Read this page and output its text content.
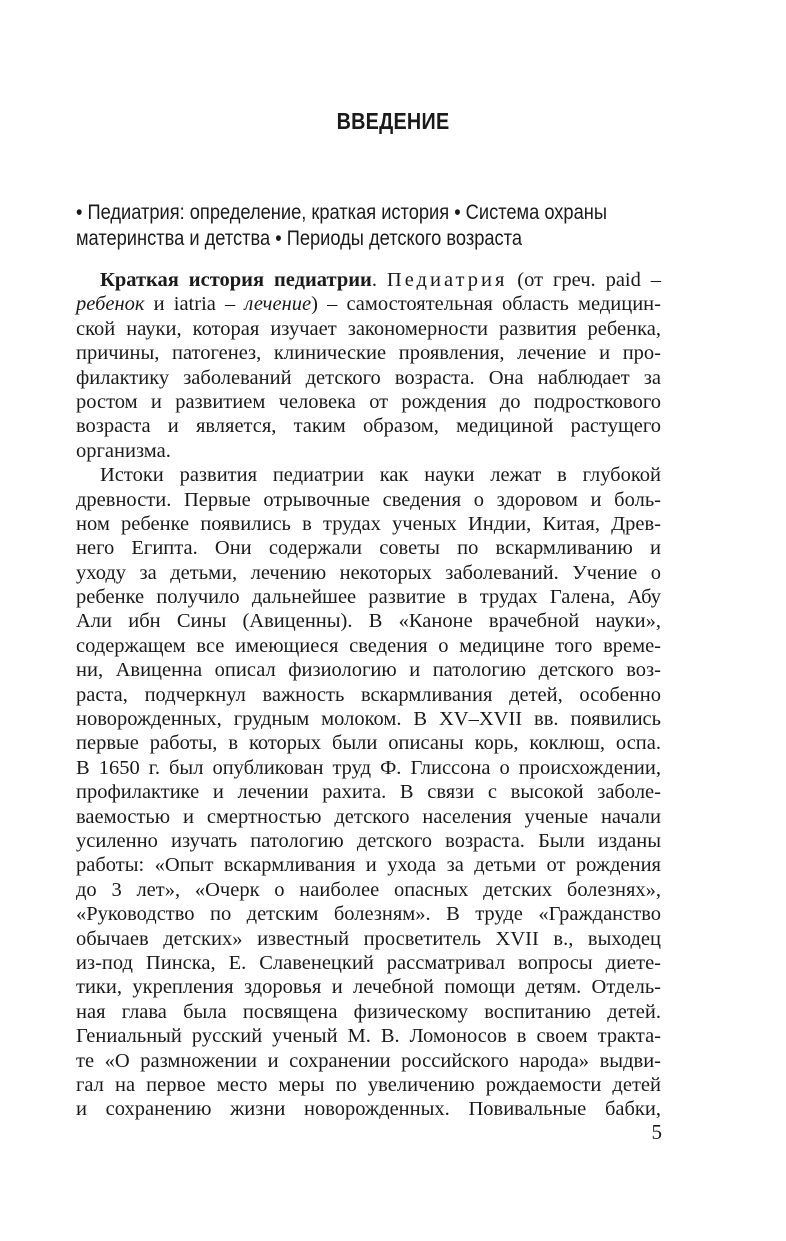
ВВЕДЕНИЕ
• Педиатрия: определение, краткая история • Система охраны
материнства и детства • Периоды детского возраста
Краткая история педиатрии. Педиатрия (от греч. paid –
ребенок и iatria – лечение) – самостоятельная область медицин-
ской науки, которая изучает закономерности развития ребенка,
причины, патогенез, клинические проявления, лечение и про-
филактику заболеваний детского возраста. Она наблюдает за
ростом и развитием человека от рождения до подросткового
возраста и является, таким образом, медициной растущего
организма.
Истоки развития педиатрии как науки лежат в глубокой
древности. Первые отрывочные сведения о здоровом и боль-
ном ребенке появились в трудах ученых Индии, Китая, Древ-
него Египта. Они содержали советы по вскармливанию и
уходу за детьми, лечению некоторых заболеваний. Учение о
ребенке получило дальнейшее развитие в трудах Галена, Абу
Али ибн Сины (Авиценны). В «Каноне врачебной науки»,
содержащем все имеющиеся сведения о медицине того време-
ни, Авиценна описал физиологию и патологию детского воз-
раста, подчеркнул важность вскармливания детей, особенно
новорожденных, грудным молоком. В XV–XVII вв. появились
первые работы, в которых были описаны корь, коклюш, оспа.
В 1650 г. был опубликован труд Ф. Глиссона о происхождении,
профилактике и лечении рахита. В связи с высокой заболе-
ваемостью и смертностью детского населения ученые начали
усиленно изучать патологию детского возраста. Были изданы
работы: «Опыт вскармливания и ухода за детьми от рождения
до 3 лет», «Очерк о наиболее опасных детских болезнях»,
«Руководство по детским болезням». В труде «Гражданство
обычаев детских» известный просветитель XVII в., выходец
из-под Пинска, Е. Славенецкий рассматривал вопросы диете-
тики, укрепления здоровья и лечебной помощи детям. Отдель-
ная глава была посвящена физическому воспитанию детей.
Гениальный русский ученый М. В. Ломоносов в своем тракта-
те «О размножении и сохранении российского народа» выдви-
гал на первое место меры по увеличению рождаемости детей
и сохранению жизни новорожденных. Повивальные бабки,
5
